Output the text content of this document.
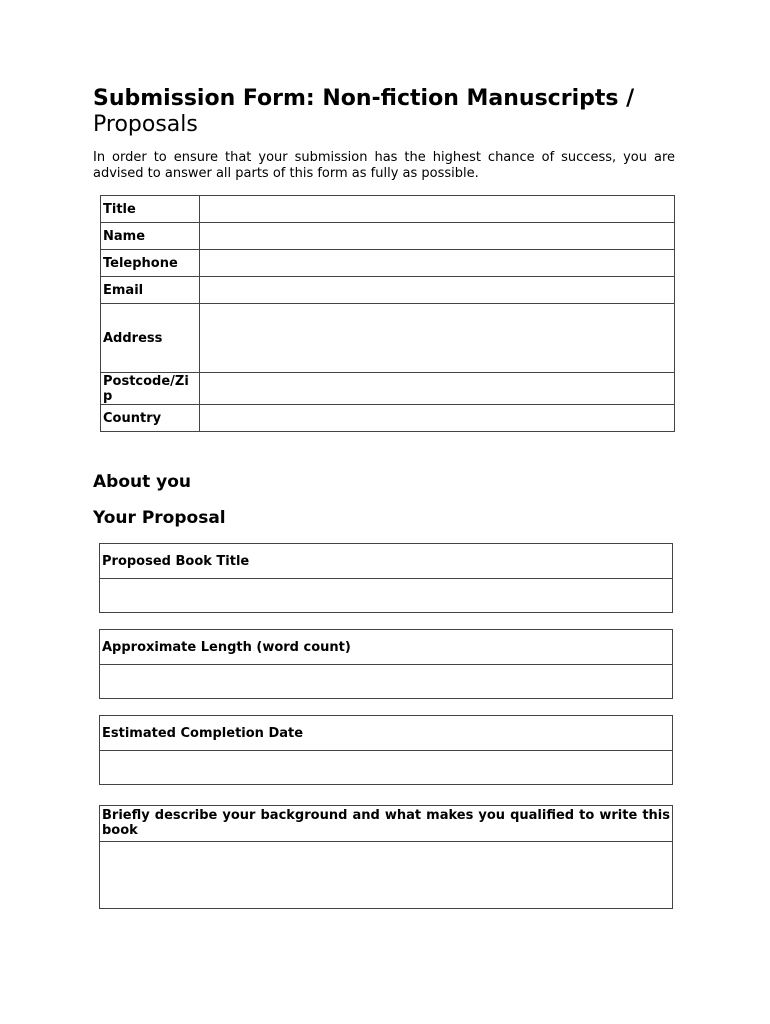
Submission Form: Non-fiction Manuscripts /
Proposals
In order to ensure that your submission has the highest chance of success, you are advised to answer all parts of this form as fully as possible.
Title	
Name	
Telephone	
Email	
Address	
Postcode/Zip	
Country	
About you
Your Proposal
Proposed Book Title
Approximate Length (word count)
Estimated Completion Date
Briefly describe your background and what makes you qualified to write this book
